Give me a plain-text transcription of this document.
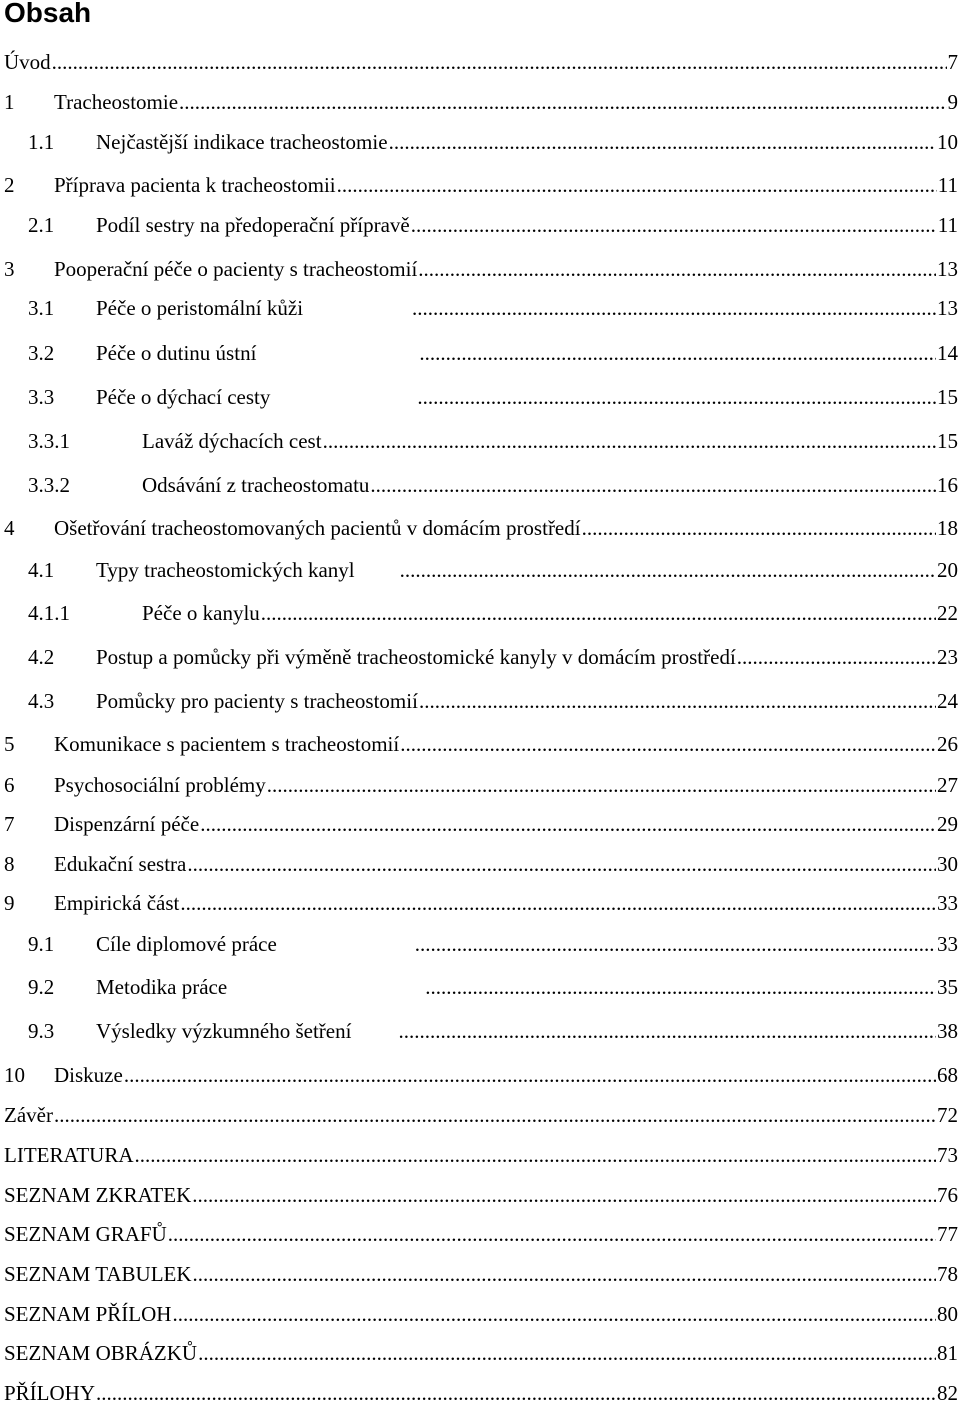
Obsah
Úvod .....	7
1	Tracheostomie .....	9
1.1	Nejčastější indikace tracheostomie .....	10
2	Příprava pacienta k tracheostomii .....	11
2.1	Podíl sestry na předoperační přípravě .....	11
3	Pooperační péče o pacienty s tracheostomií .....	13
3.1	Péče o peristomální kůži .....	13
3.2	Péče o dutinu ústní .....	14
3.3	Péče o dýchací cesty .....	15
3.3.1	Laváž dýchacích cest .....	15
3.3.2	Odsávání z tracheostomatu .....	16
4	Ošetřování tracheostomovaných pacientů v domácím prostředí .....	18
4.1	Typy tracheostomických kanyl .....	20
4.1.1	Péče o kanylu .....	22
4.2	Postup a pomůcky při výměně tracheostomické kanyly v domácím prostředí .....	23
4.3	Pomůcky pro pacienty s tracheostomií .....	24
5	Komunikace s pacientem s tracheostomií .....	26
6	Psychosociální problémy .....	27
7	Dispenzární péče .....	29
8	Edukační sestra .....	30
9	Empirická část .....	33
9.1	Cíle diplomové práce .....	33
9.2	Metodika práce .....	35
9.3	Výsledky výzkumného šetření .....	38
10	Diskuze .....	68
Závěr .....	72
LITERATURA .....	73
SEZNAM ZKRATEK .....	76
SEZNAM GRAFŮ .....	77
SEZNAM TABULEK .....	78
SEZNAM PŘÍLOH .....	80
SEZNAM OBRÁZKŮ .....	81
PŘÍLOHY .....	82
